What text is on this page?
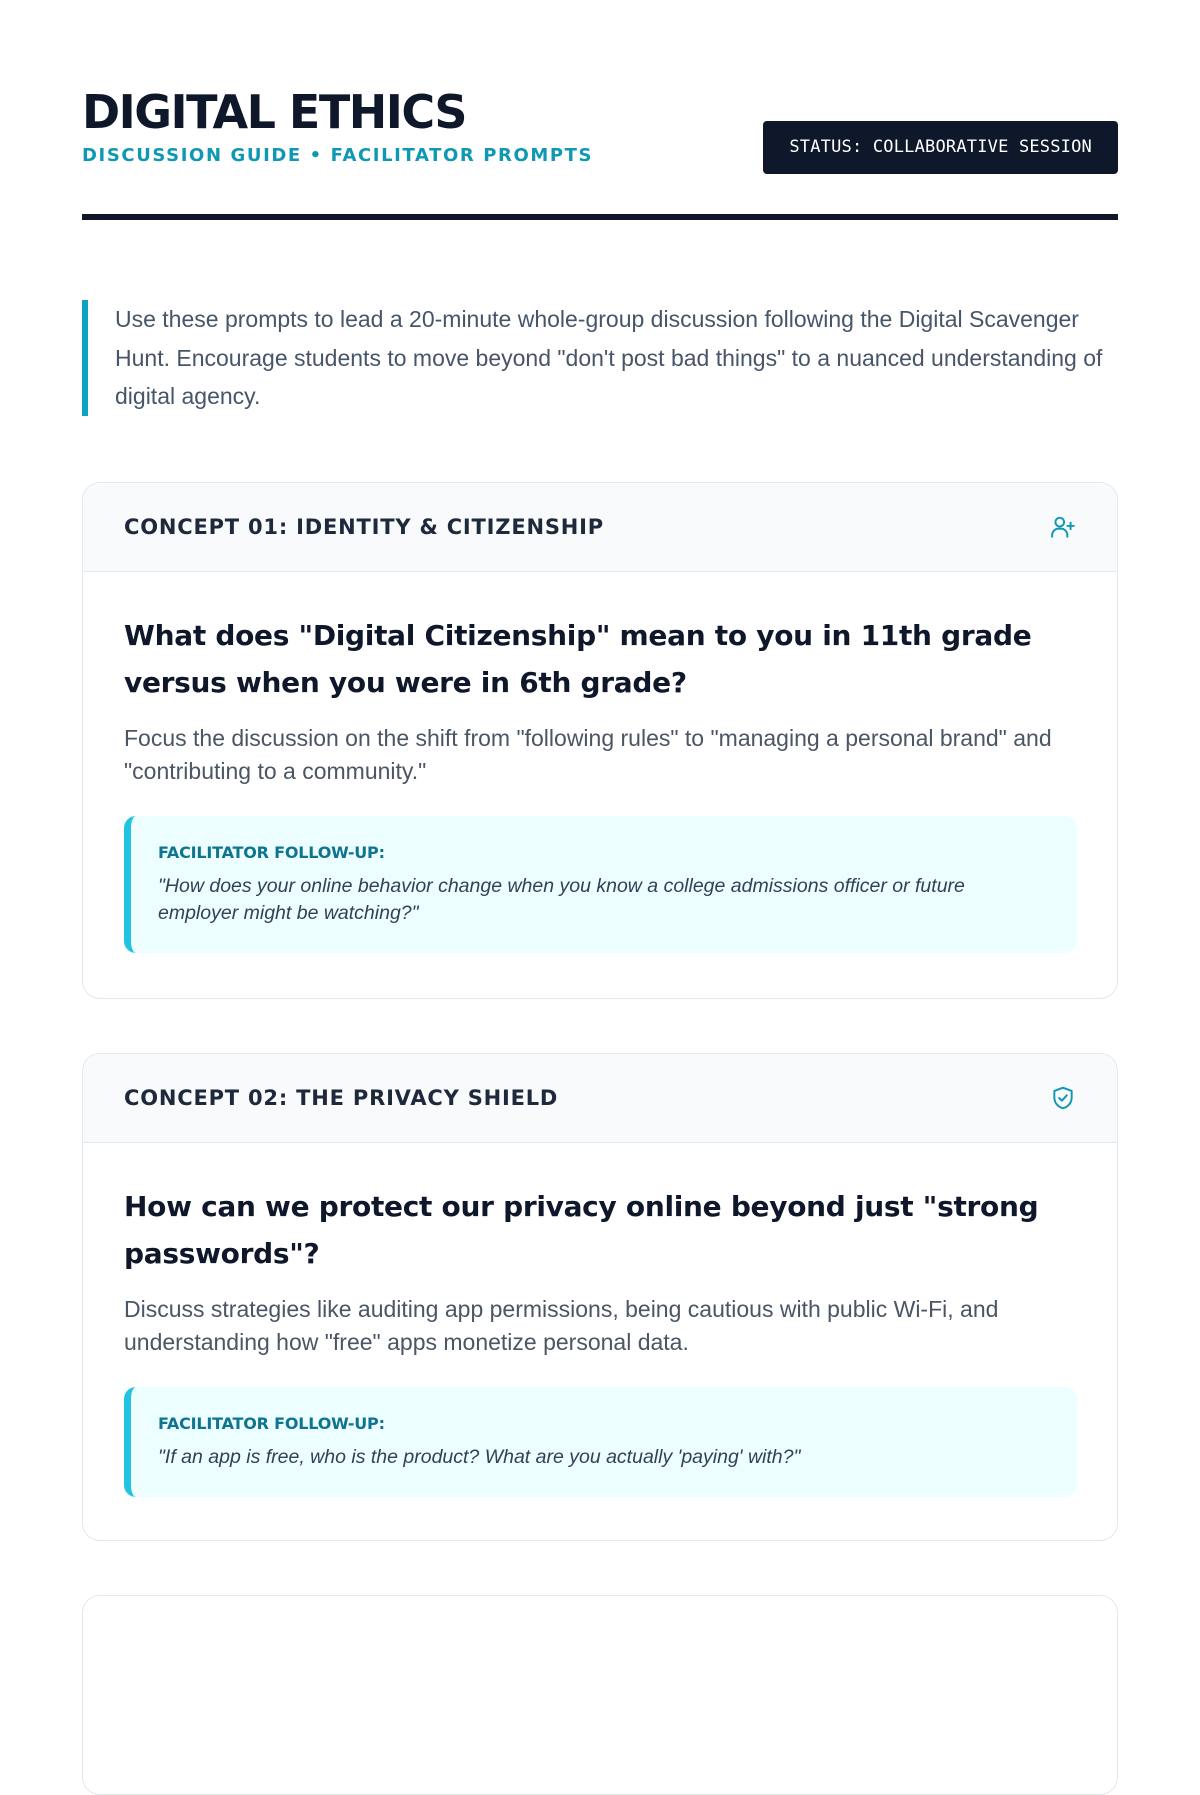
DIGITAL ETHICS
DISCUSSION GUIDE • FACILITATOR PROMPTS	STATUS: COLLABORATIVE SESSION

Use these prompts to lead a 20-minute whole-group discussion following the Digital Scavenger Hunt. Encourage students to move beyond "don't post bad things" to a nuanced understanding of digital agency.

CONCEPT 01: IDENTITY & CITIZENSHIP
What does "Digital Citizenship" mean to you in 11th grade versus when you were in 6th grade?
Focus the discussion on the shift from "following rules" to "managing a personal brand" and "contributing to a community."
FACILITATOR FOLLOW-UP:
"How does your online behavior change when you know a college admissions officer or future employer might be watching?"
CONCEPT 02: THE PRIVACY SHIELD
How can we protect our privacy online beyond just "strong passwords"?
Discuss strategies like auditing app permissions, being cautious with public Wi-Fi, and understanding how "free" apps monetize personal data.
FACILITATOR FOLLOW-UP:
"If an app is free, who is the product? What are you actually 'paying' with?"
